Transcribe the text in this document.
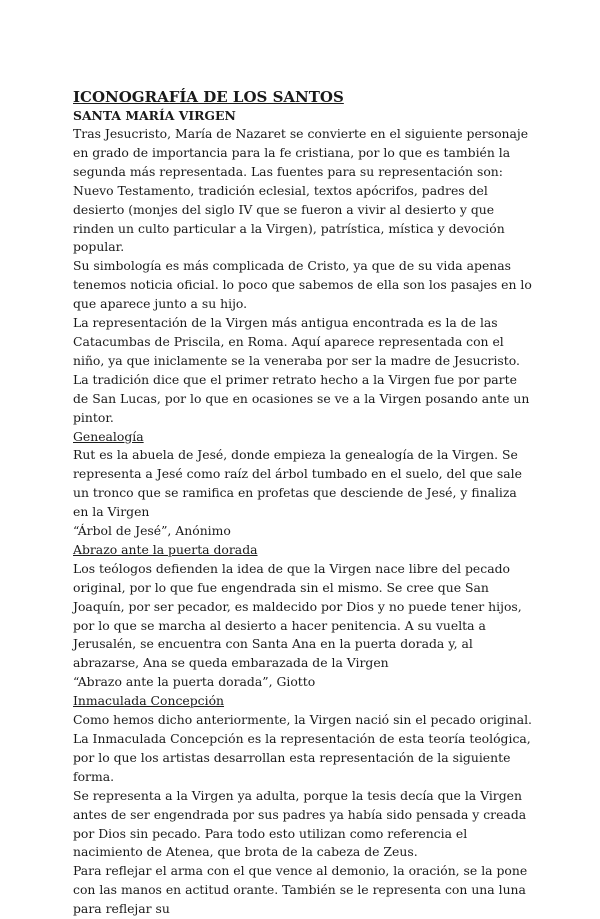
ICONOGRAFÍA DE LOS SANTOS

SANTA MARÍA VIRGEN

Tras Jesucristo, María de Nazaret se convierte en el siguiente personaje en grado de importancia para la fe cristiana, por lo que es también la segunda más representada. Las fuentes para su representación son: Nuevo Testamento, tradición eclesial, textos apócrifos, padres del desierto (monjes del siglo IV que se fueron a vivir al desierto y que rinden un culto particular a la Virgen), patrística, mística y devoción popular.

Su simbología es más complicada de Cristo, ya que de su vida apenas tenemos noticia oficial. lo poco que sabemos de ella son los pasajes en lo que aparece junto a su hijo.

La representación de la Virgen más antigua encontrada es la de las Catacumbas de Priscila, en Roma. Aquí aparece representada con el niño, ya que iniclamente se la veneraba por ser la madre de Jesucristo. La tradición dice que el primer retrato hecho a la Virgen fue por parte de San Lucas, por lo que en ocasiones se ve a la Virgen posando ante un pintor.

Genealogía

Rut es la abuela de Jesé, donde empieza la genealogía de la Virgen. Se representa a Jesé como raíz del árbol tumbado en el suelo, del que sale un tronco que se ramifica en profetas que desciende de Jesé, y finaliza en la Virgen

“Árbol de Jesé”, Anónimo

Abrazo ante la puerta dorada

Los teólogos defienden la idea de que la Virgen nace libre del pecado original, por lo que fue engendrada sin el mismo. Se cree que San Joaquín, por ser pecador, es maldecido por Dios y no puede tener hijos, por lo que se marcha al desierto a hacer penitencia. A su vuelta a Jerusalén, se encuentra con Santa Ana en la puerta dorada y, al abrazarse, Ana se queda embarazada de la Virgen

“Abrazo ante la puerta dorada”, Giotto

Inmaculada Concepción

Como hemos dicho anteriormente, la Virgen nació sin el pecado original. La Inmaculada Concepción es la representación de esta teoría teológica, por lo que los artistas desarrollan esta representación de la siguiente forma.

Se representa a la Virgen ya adulta, porque la tesis decía que la Virgen antes de ser engendrada por sus padres ya había sido pensada y creada por Dios sin pecado. Para todo esto utilizan como referencia el nacimiento de Atenea, que brota de la cabeza de Zeus.

Para reflejar el arma con el que vence al demonio, la oración, se la pone con las manos en actitud orante. También se le representa con una luna para reflejar su
